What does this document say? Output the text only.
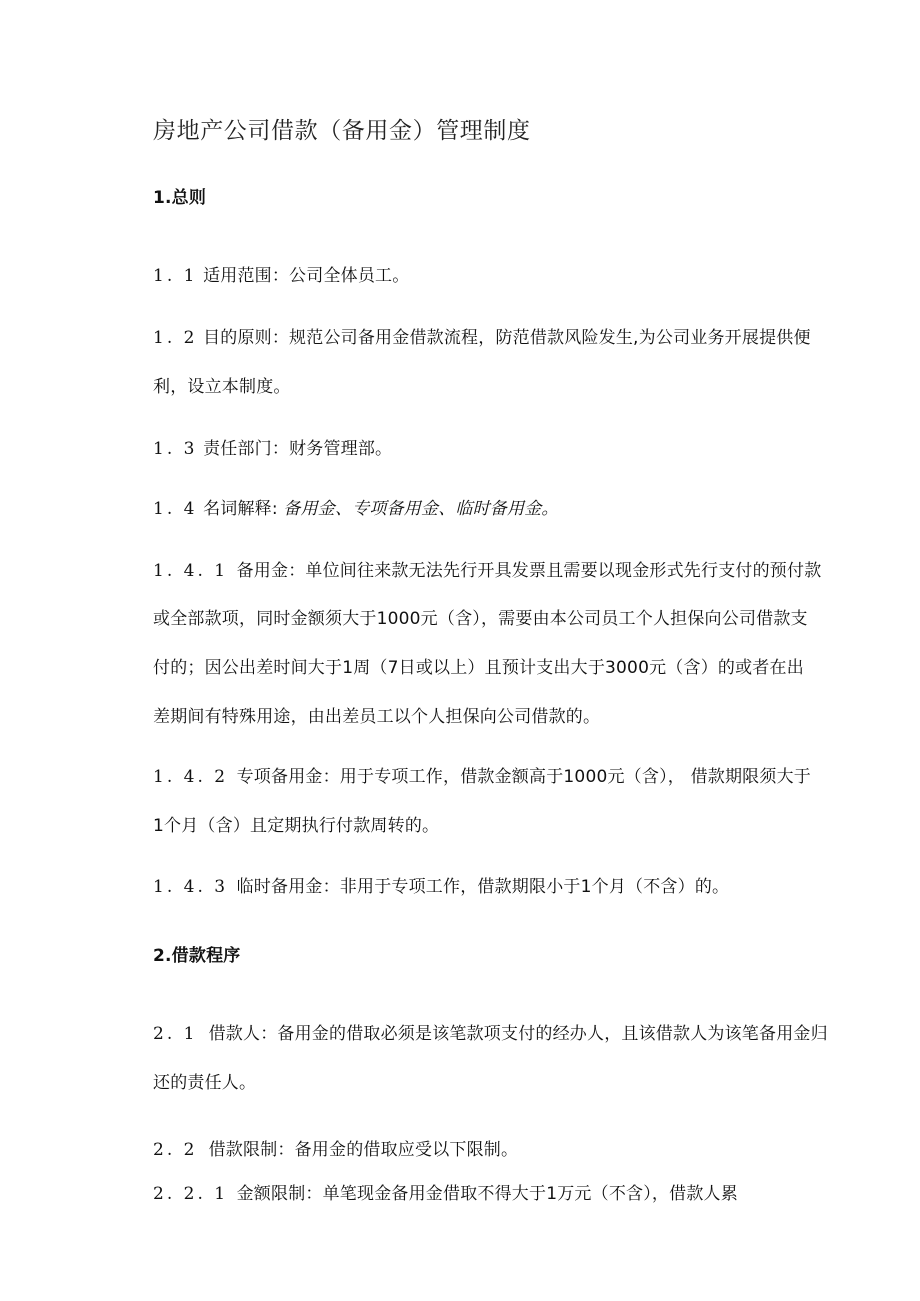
房地产公司借款（备用金）管理制度
1.总则
1. 1 适用范围：公司全体员工。
1. 2 目的原则：规范公司备用金借款流程，防范借款风险发生,为公司业务开展提供便
利，设立本制度。
1. 3 责任部门：财务管理部。
1. 4 名词解释: 备用金、专项备用金、临时备用金。
1. 4. 1 备用金：单位间往来款无法先行开具发票且需要以现金形式先行支付的预付款
或全部款项，同时金额须大于1000元（含），需要由本公司员工个人担保向公司借款支
付的；因公出差时间大于1周（7日或以上）且预计支出大于3000元（含）的或者在出
差期间有特殊用途，由出差员工以个人担保向公司借款的。
1. 4. 2 专项备用金：用于专项工作，借款金额高于1000元（含）， 借款期限须大于
1个月（含）且定期执行付款周转的。
1. 4. 3 临时备用金：非用于专项工作，借款期限小于1个月（不含）的。
2.借款程序
2. 1 借款人：备用金的借取必须是该笔款项支付的经办人，且该借款人为该笔备用金归
还的责任人。
2. 2 借款限制：备用金的借取应受以下限制。
2. 2. 1 金额限制：单笔现金备用金借取不得大于1万元（不含），借款人累
